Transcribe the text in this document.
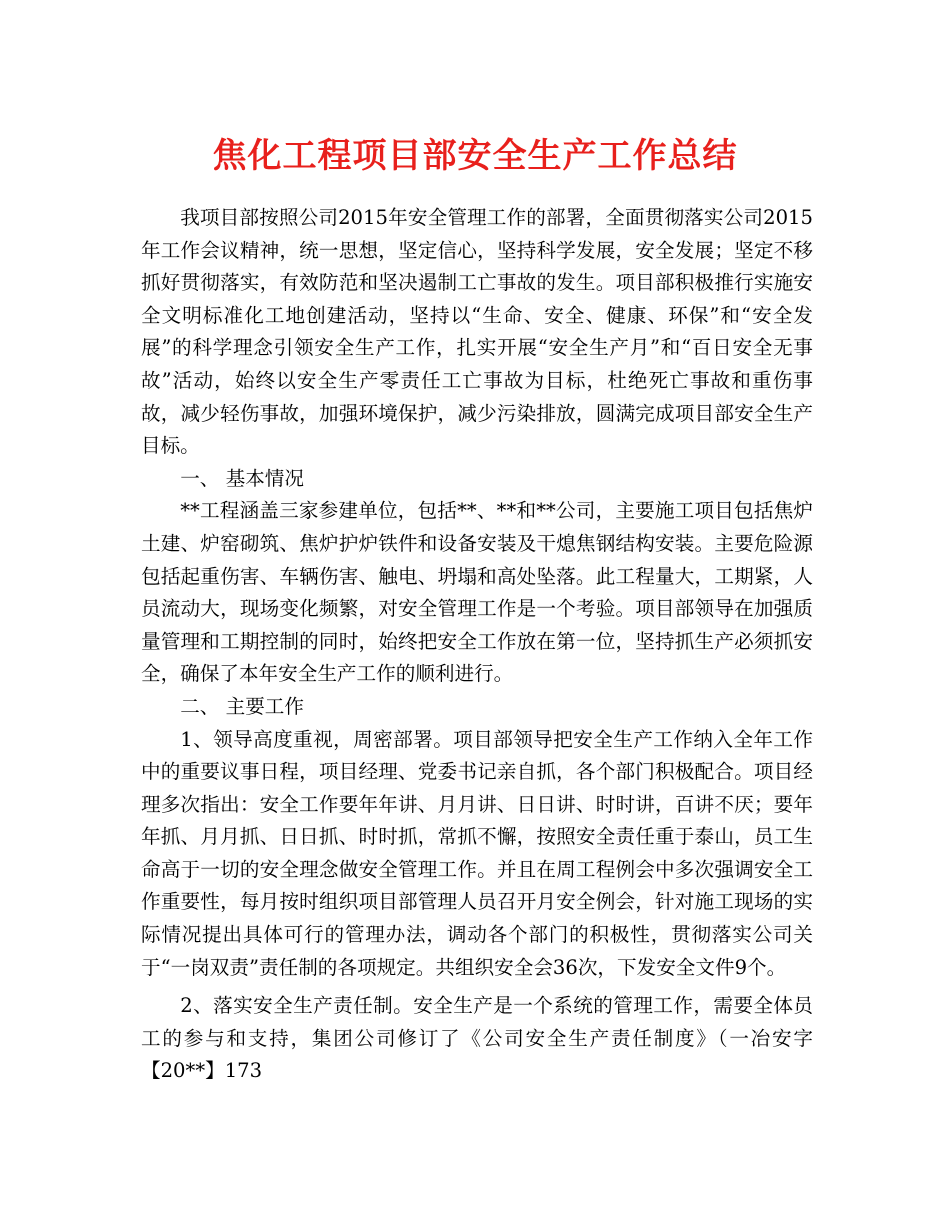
焦化工程项目部安全生产工作总结

我项目部按照公司2015年安全管理工作的部署，全面贯彻落实公司2015年工作会议精神，统一思想，坚定信心，坚持科学发展，安全发展；坚定不移抓好贯彻落实，有效防范和坚决遏制工亡事故的发生。项目部积极推行实施安全文明标准化工地创建活动，坚持以“生命、安全、健康、环保”和“安全发展”的科学理念引领安全生产工作，扎实开展“安全生产月”和“百日安全无事故”活动，始终以安全生产零责任工亡事故为目标，杜绝死亡事故和重伤事故，减少轻伤事故，加强环境保护，减少污染排放，圆满完成项目部安全生产目标。

一、 基本情况

**工程涵盖三家参建单位，包括**、**和**公司，主要施工项目包括焦炉土建、炉窑砌筑、焦炉护炉铁件和设备安装及干熄焦钢结构安装。主要危险源包括起重伤害、车辆伤害、触电、坍塌和高处坠落。此工程量大，工期紧，人员流动大，现场变化频繁，对安全管理工作是一个考验。项目部领导在加强质量管理和工期控制的同时，始终把安全工作放在第一位，坚持抓生产必须抓安全，确保了本年安全生产工作的顺利进行。

二、 主要工作

1、领导高度重视，周密部署。项目部领导把安全生产工作纳入全年工作中的重要议事日程，项目经理、党委书记亲自抓，各个部门积极配合。项目经理多次指出：安全工作要年年讲、月月讲、日日讲、时时讲，百讲不厌；要年年抓、月月抓、日日抓、时时抓，常抓不懈，按照安全责任重于泰山，员工生命高于一切的安全理念做安全管理工作。并且在周工程例会中多次强调安全工作重要性，每月按时组织项目部管理人员召开月安全例会，针对施工现场的实际情况提出具体可行的管理办法，调动各个部门的积极性，贯彻落实公司关于“一岗双责”责任制的各项规定。共组织安全会36次，下发安全文件9个。

2、落实安全生产责任制。安全生产是一个系统的管理工作，需要全体员工的参与和支持，集团公司修订了《公司安全生产责任制度》（一冶安字【20**】173
